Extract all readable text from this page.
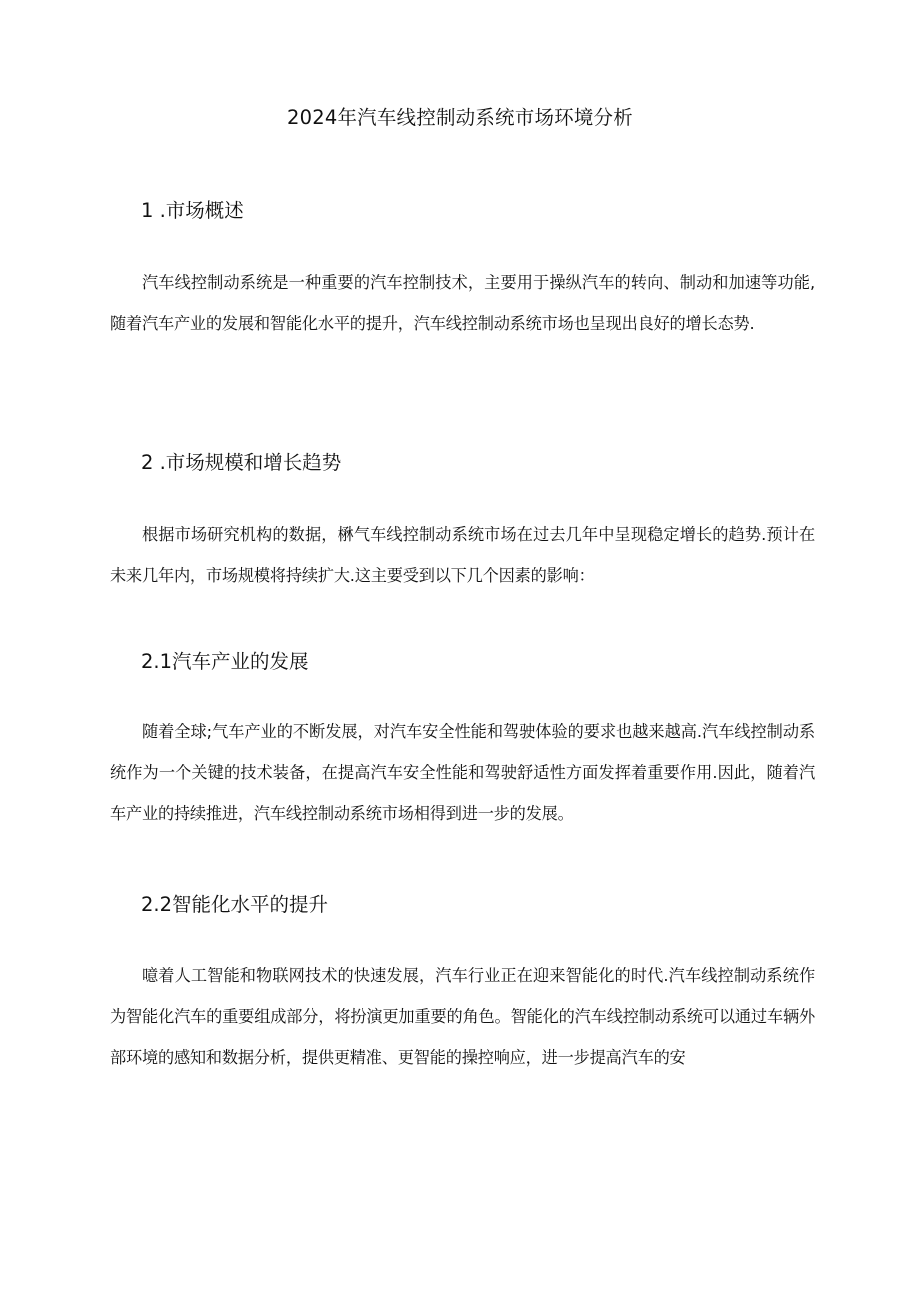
2024年汽车线控制动系统市场环境分析
1 .市场概述

汽车线控制动系统是一种重要的汽车控制技术，主要用于操纵汽车的转向、制动和加速等功能,随着汽车产业的发展和智能化水平的提升，汽车线控制动系统市场也呈现出良好的增长态势.

2 .市场规模和增长趋势

根据市场研究机构的数据，楙气车线控制动系统市场在过去几年中呈现稳定增长的趋势.预计在未来几年内，市场规模将持续扩大.这主要受到以下几个因素的影响：

2.1汽车产业的发展

随着全球;气车产业的不断发展，对汽车安全性能和驾驶体验的要求也越来越高.汽车线控制动系统作为一个关键的技术装备，在提高汽车安全性能和驾驶舒适性方面发挥着重要作用.因此，随着汽车产业的持续推进，汽车线控制动系统市场相得到进一步的发展。

2.2智能化水平的提升

噫着人工智能和物联网技术的快速发展，汽车行业正在迎来智能化的时代.汽车线控制动系统作为智能化汽车的重要组成部分，将扮演更加重要的角色。智能化的汽车线控制动系统可以通过车辆外部环境的感知和数据分析，提供更精准、更智能的操控响应，进一步提高汽车的安
